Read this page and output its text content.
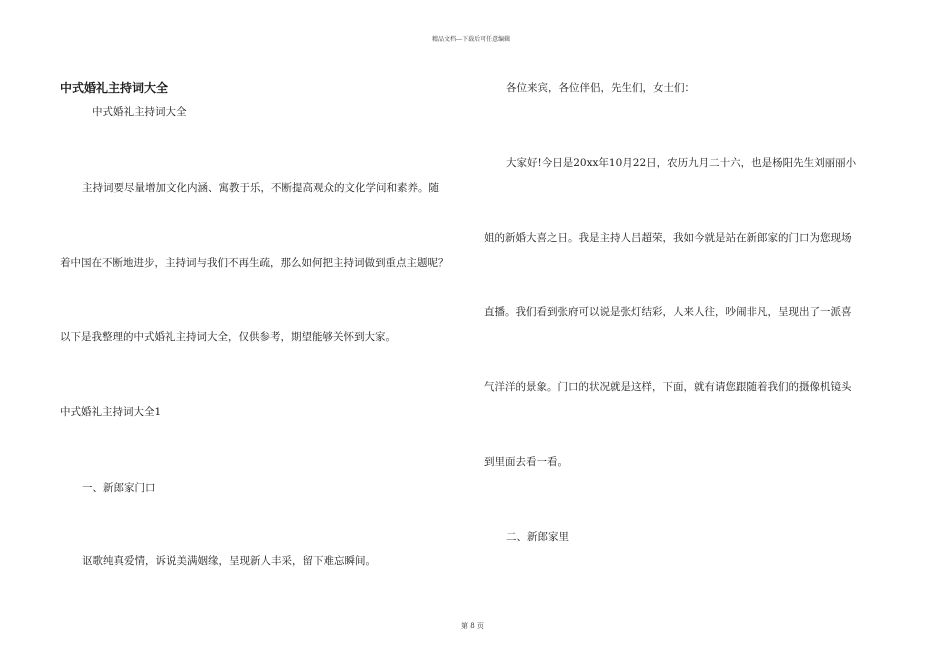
精品文档---下载后可任意编辑
中式婚礼主持词大全
中式婚礼主持词大全
主持词要尽量增加文化内涵、寓教于乐，不断提高观众的文化学问和素养。随
着中国在不断地进步，主持词与我们不再生疏，那么如何把主持词做到重点主题呢？
以下是我整理的中式婚礼主持词大全，仅供参考，期望能够关怀到大家。
中式婚礼主持词大全1
一、新郎家门口
讴歌纯真爱情，诉说美满姻缘，呈现新人丰采，留下难忘瞬间。
各位来宾，各位伴侣，先生们，女士们：
大家好!今日是20xx年10月22日，农历九月二十六，也是杨阳先生刘丽丽小
姐的新婚大喜之日。我是主持人吕超荣，我如今就是站在新郎家的门口为您现场
直播。我们看到张府可以说是张灯结彩，人来人往，吵闹非凡，呈现出了一派喜
气洋洋的景象。门口的状况就是这样，下面，就有请您跟随着我们的摄像机镜头
到里面去看一看。
二、新郎家里
第 8 页
